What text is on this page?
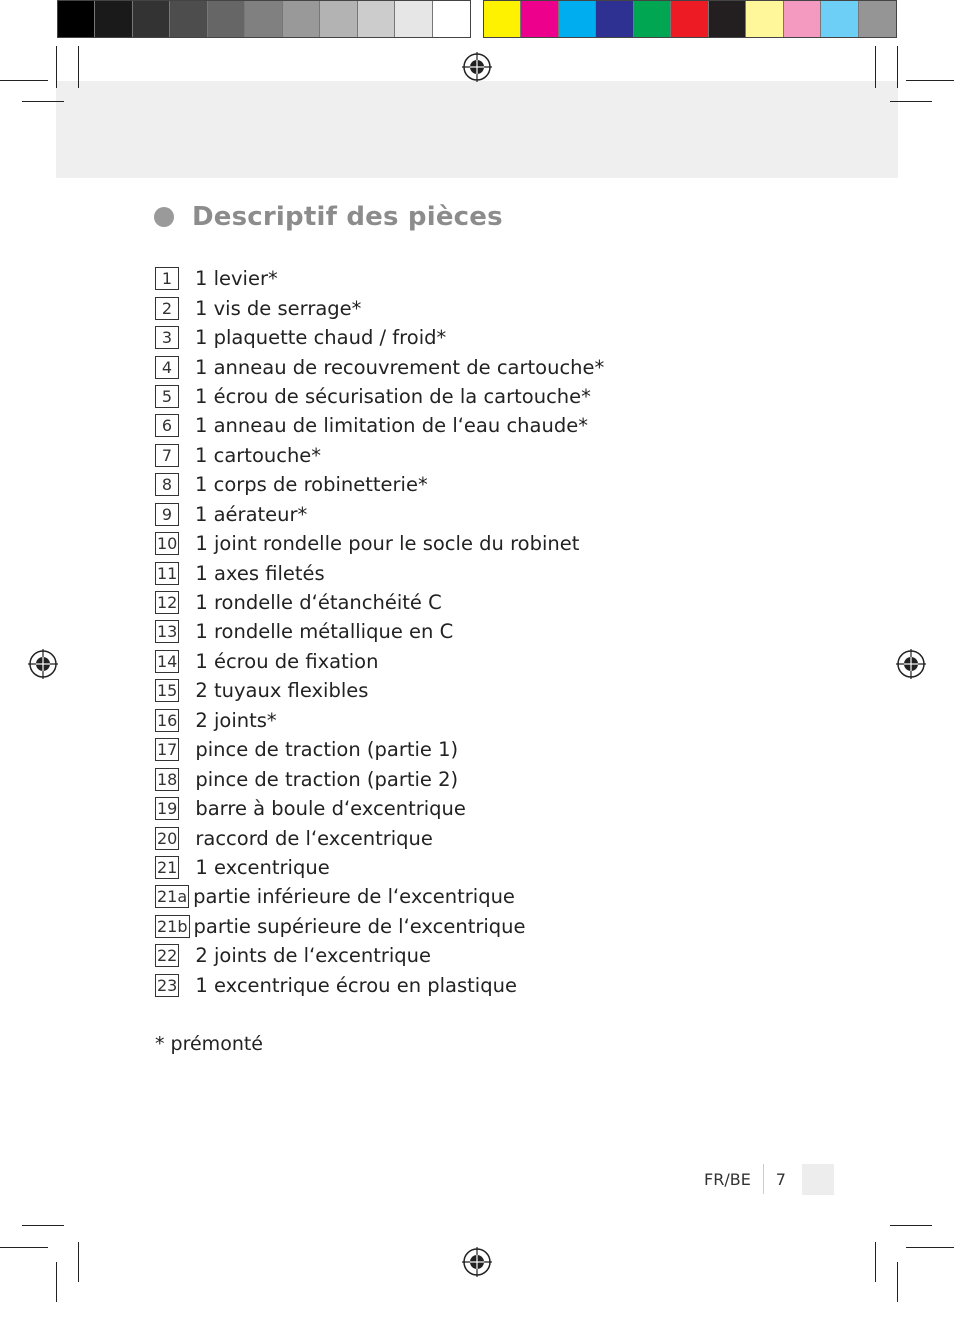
Descriptif des pièces
1	1 levier*
2	1 vis de serrage*
3	1 plaquette chaud / froid*
4	1 anneau de recouvrement de cartouche*
5	1 écrou de sécurisation de la cartouche*
6	1 anneau de limitation de l‘eau chaude*
7	1 cartouche*
8	1 corps de robinetterie*
9	1 aérateur*
10 1 joint rondelle pour le socle du robinet
11 1 axes filetés
12 1 rondelle d‘étanchéité C
13 1 rondelle métallique en C
14 1 écrou de fixation
15 2 tuyaux flexibles
16 2 joints*
17 pince de traction (partie 1)
18 pince de traction (partie 2)
19 barre à boule d‘excentrique
20 raccord de l‘excentrique
21 1 excentrique
21a partie inférieure de l‘excentrique
21b partie supérieure de l‘excentrique
22 2 joints de l‘excentrique
23 1 excentrique écrou en plastique
* prémonté
FR/BE 7
